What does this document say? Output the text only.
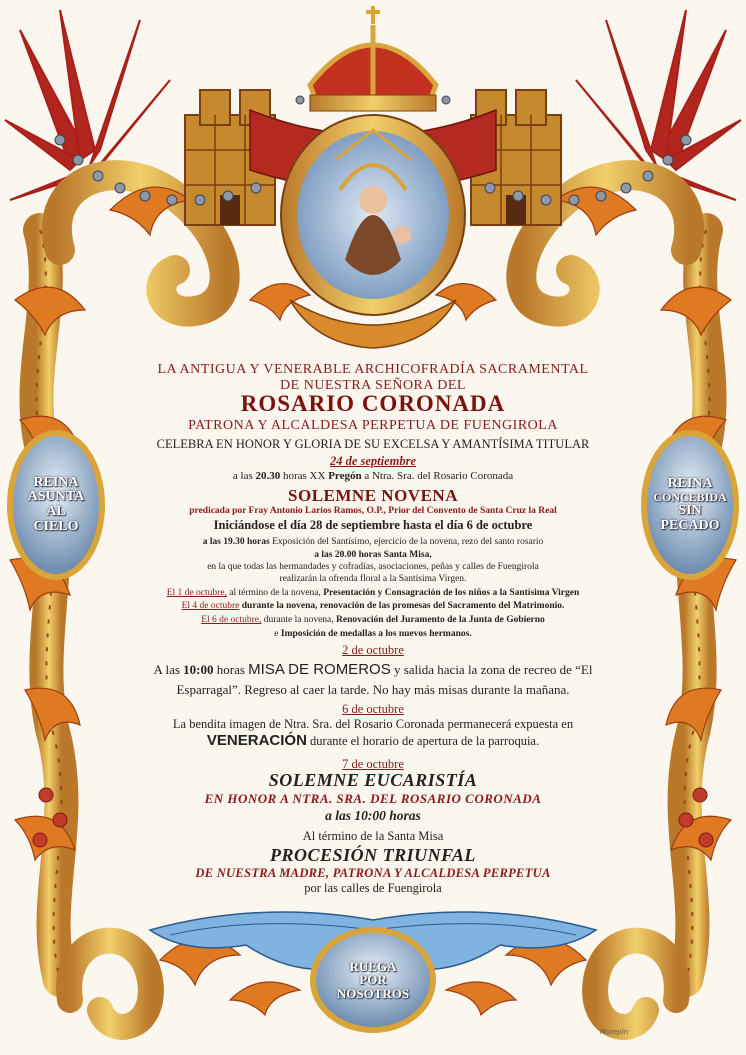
REINA
ASUNTA
AL
CIELO
REINA
CONCEBIDA
SIN
PECADO
RUEGA
POR
NOSOTROS
LA ANTIGUA Y VENERABLE ARCHICOFRADÍA SACRAMENTAL
DE NUESTRA SEÑORA DEL
ROSARIO CORONADA
PATRONA Y ALCALDESA PERPETUA DE FUENGIROLA
CELEBRA EN HONOR Y GLORIA DE SU EXCELSA Y AMANTÍSIMA TITULAR
24 de septiembre
a las 20.30 horas XX Pregón a Ntra. Sra. del Rosario Coronada
SOLEMNE NOVENA
predicada por Fray Antonio Larios Ramos, O.P., Prior del Convento de Santa Cruz la Real
Iniciándose el día 28 de septiembre hasta el día 6 de octubre
a las 19.30 horas Exposición del Santísimo, ejercicio de la novena, rezo del santo rosario
a las 20.00 horas Santa Misa,
en la que todas las hermandades y cofradías, asociaciones, peñas y calles de Fuengirola
realizarán la ofrenda floral a la Santísima Virgen.
El 1 de octubre, al término de la novena, Presentación y Consagración de los niños a la Santísima Virgen
El 4 de octubre durante la novena, renovación de las promesas del Sacramento del Matrimonio.
El 6 de octubre, durante la novena, Renovación del Juramento de la Junta de Gobierno
e Imposición de medallas a los nuevos hermanos.
2 de octubre
A las 10:00 horas MISA DE ROMEROS y salida hacia la zona de recreo de “El
Esparragal”. Regreso al caer la tarde. No hay más misas durante la mañana.
6 de octubre
La bendita imagen de Ntra. Sra. del Rosario Coronada permanecerá expuesta en
VENERACIÓN durante el horario de apertura de la parroquia.
7 de octubre
SOLEMNE EUCARISTÍA
EN HONOR A NTRA. SRA. DEL ROSARIO CORONADA
a las 10:00 horas
Al término de la Santa Misa
PROCESIÓN TRIUNFAL
DE NUESTRA MADRE, PATRONA Y ALCALDESA PERPETUA
por las calles de Fuengirola
Morejón
